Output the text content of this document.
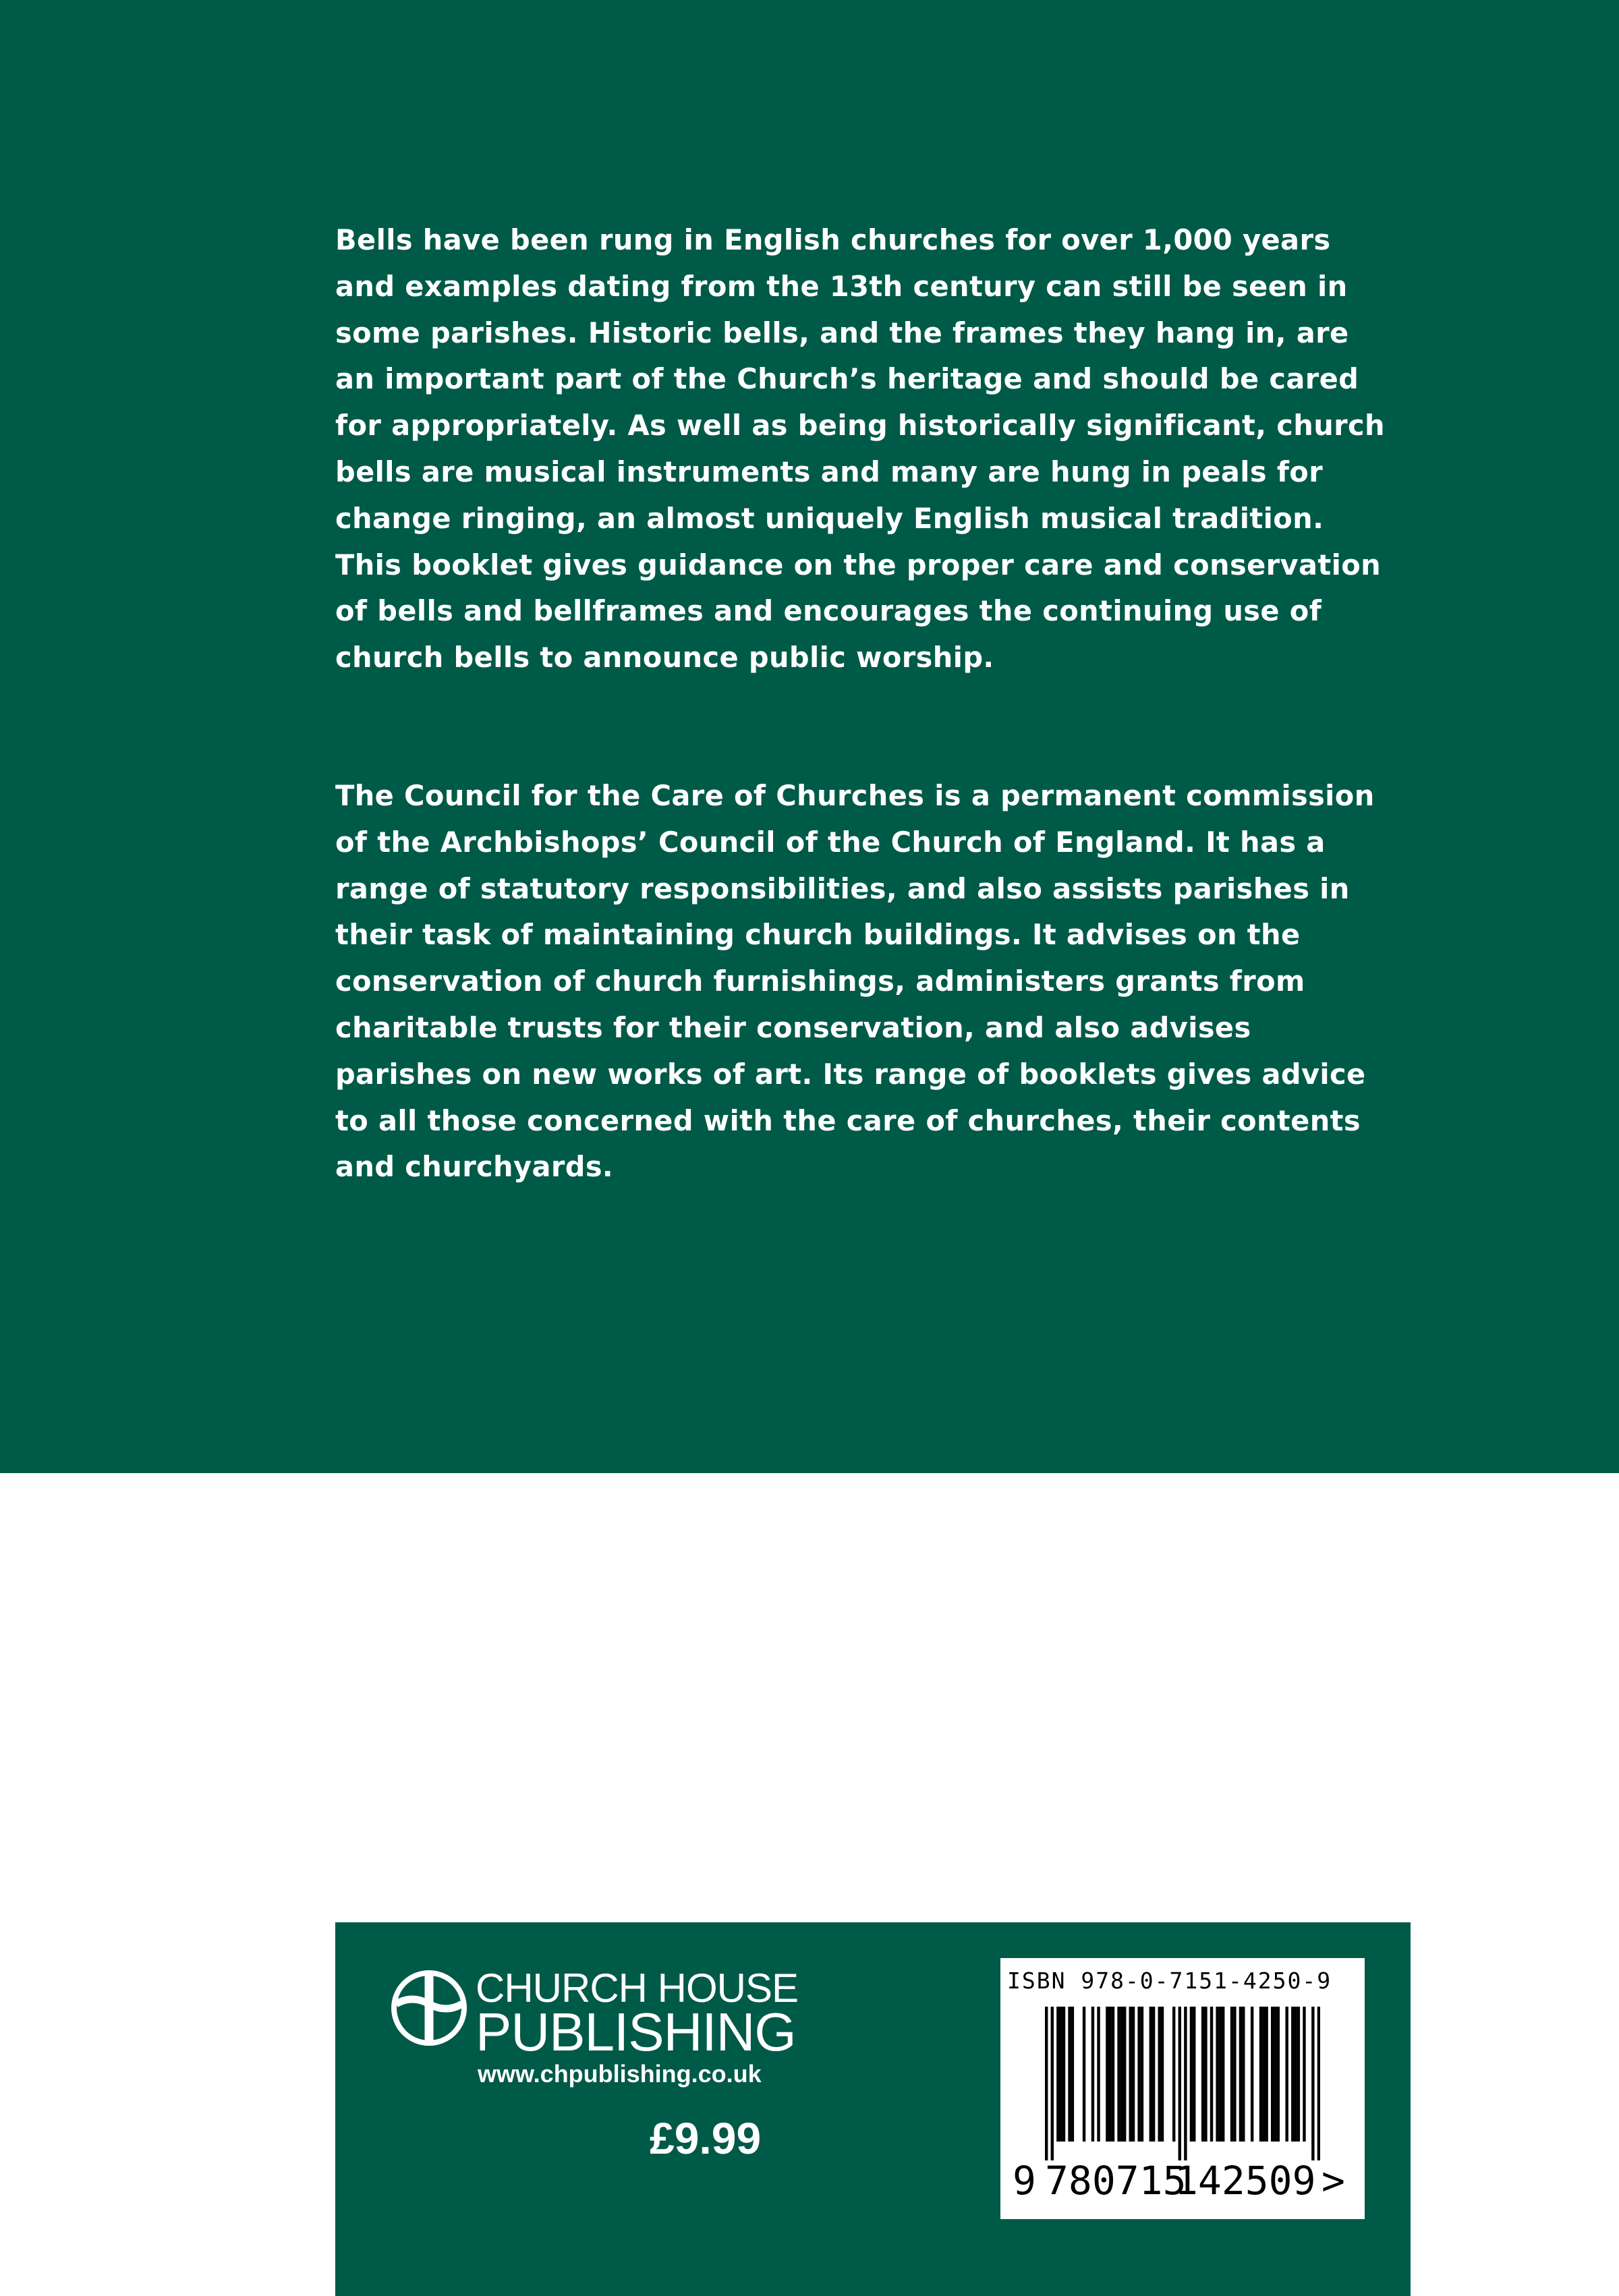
Bells have been rung in English churches for over 1,000 years and examples dating from the 13th century can still be seen in some parishes. Historic bells, and the frames they hang in, are an important part of the Church’s heritage and should be cared for appropriately. As well as being historically significant, church bells are musical instruments and many are hung in peals for change ringing, an almost uniquely English musical tradition. This booklet gives guidance on the proper care and conservation of bells and bellframes and encourages the continuing use of church bells to announce public worship.

The Council for the Care of Churches is a permanent commission of the Archbishops’ Council of the Church of England. It has a range of statutory responsibilities, and also assists parishes in their task of maintaining church buildings. It advises on the conservation of church furnishings, administers grants from charitable trusts for their conservation, and also advises parishes on new works of art. Its range of booklets gives advice to all those concerned with the care of churches, their contents and churchyards.

CHURCH HOUSE
PUBLISHING
www.chpublishing.co.uk
£9.99
ISBN 978-0-7151-4250-9
9 780715
142509 >
